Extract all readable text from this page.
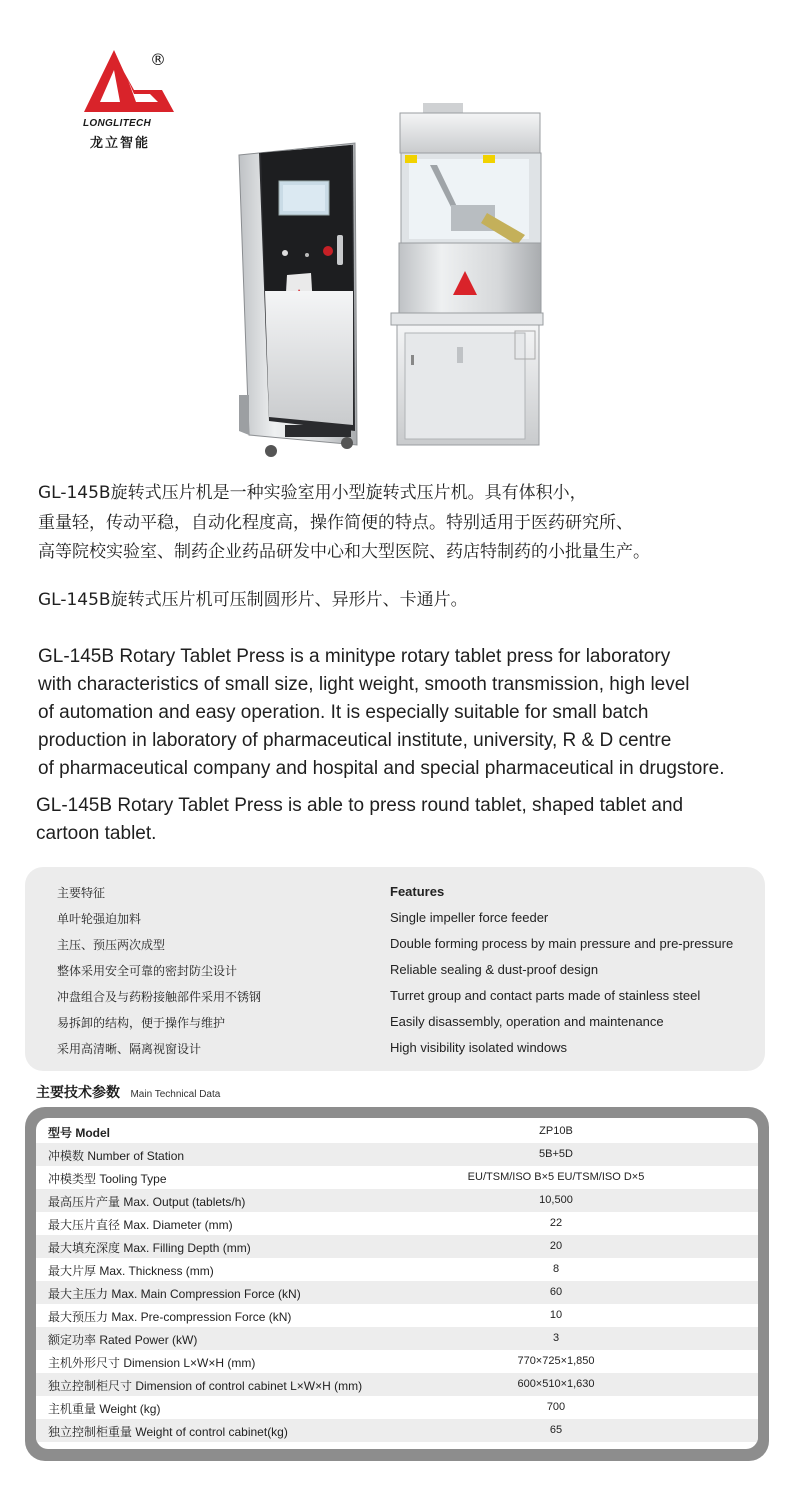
®
LONGLITECH
龙立智能
GL-145B旋转式压片机是一种实验室用小型旋转式压片机。具有体积小，
重量轻，传动平稳，自动化程度高，操作简便的特点。特别适用于医药研究所、
高等院校实验室、制药企业药品研发中心和大型医院、药店特制药的小批量生产。
GL-145B旋转式压片机可压制圆形片、异形片、卡通片。
GL-145B Rotary Tablet Press is a minitype rotary tablet press for laboratory
with characteristics of small size, light weight, smooth transmission, high level
of automation and easy operation. It is especially suitable for small batch
production in laboratory of pharmaceutical institute, university, R & D centre
of pharmaceutical company and hospital and special pharmaceutical in drugstore.
GL-145B Rotary Tablet Press is able to press round tablet, shaped tablet and
cartoon tablet.
主要特征	Features
单叶轮强迫加料	Single impeller force feeder
主压、预压两次成型	Double forming process by main pressure and pre-pressure
整体采用安全可靠的密封防尘设计	Reliable sealing & dust-proof design
冲盘组合及与药粉接触部件采用不锈钢	Turret group and contact parts made of stainless steel
易拆卸的结构，便于操作与维护	Easily disassembly, operation and maintenance
采用高清晰、隔离视窗设计	High visibility isolated windows
主要技术参数 Main Technical Data
型号 Model	ZP10B
冲模数 Number of Station	5B+5D
冲模类型 Tooling Type	EU/TSM/ISO B×5 EU/TSM/ISO D×5
最高压片产量 Max. Output (tablets/h)	10,500
最大压片直径 Max. Diameter (mm)	22
最大填充深度 Max. Filling Depth (mm)	20
最大片厚 Max. Thickness (mm)	8
最大主压力 Max. Main Compression Force (kN)	60
最大预压力 Max. Pre-compression Force (kN)	10
额定功率 Rated Power (kW)	3
主机外形尺寸 Dimension L×W×H (mm)	770×725×1,850
独立控制柜尺寸 Dimension of control cabinet L×W×H (mm)	600×510×1,630
主机重量 Weight (kg)	700
独立控制柜重量 Weight of control cabinet(kg)	65
